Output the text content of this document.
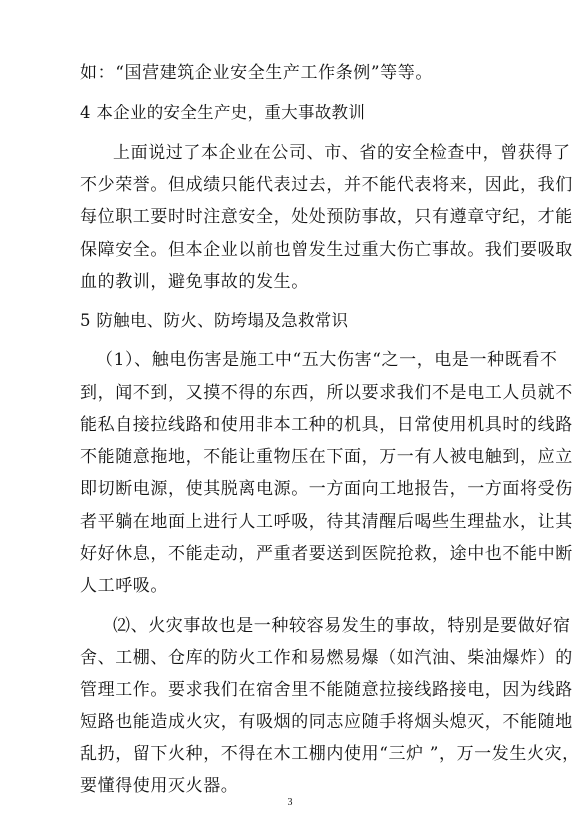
如：“国营建筑企业安全生产工作条例”等等。
4 本企业的安全生产史，重大事故教训
上面说过了本企业在公司、市、省的安全检查中，曾获得了
不少荣誉。但成绩只能代表过去，并不能代表将来，因此，我们
每位职工要时时注意安全，处处预防事故，只有遵章守纪，才能
保障安全。但本企业以前也曾发生过重大伤亡事故。我们要吸取
血的教训，避免事故的发生。
5 防触电、防火、防垮塌及急救常识
（1）、触电伤害是施工中“五大伤害“之一，电是一种既看不
到，闻不到，又摸不得的东西，所以要求我们不是电工人员就不
能私自接拉线路和使用非本工种的机具，日常使用机具时的线路
不能随意拖地，不能让重物压在下面，万一有人被电触到，应立
即切断电源，使其脱离电源。一方面向工地报告，一方面将受伤
者平躺在地面上进行人工呼吸，待其清醒后喝些生理盐水，让其
好好休息，不能走动，严重者要送到医院抢救，途中也不能中断
人工呼吸。
⑵、火灾事故也是一种较容易发生的事故，特别是要做好宿
舍、工棚、仓库的防火工作和易燃易爆（如汽油、柴油爆炸）的
管理工作。要求我们在宿舍里不能随意拉接线路接电，因为线路
短路也能造成火灾，有吸烟的同志应随手将烟头熄灭，不能随地
乱扔，留下火种，不得在木工棚内使用“三炉 ”，万一发生火灾，
要懂得使用灭火器。
3
